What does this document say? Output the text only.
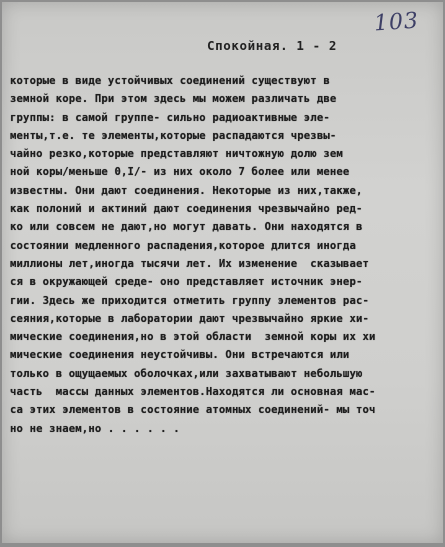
103
Спокойная. 1 - 2
которые в виде устойчивых соединений существуют в
земной коре. При этом здесь мы можем различать две
группы: в самой группе- сильно радиоактивные эле-
менты,т.е. те элементы,которые распадаются чрезвы-
чайно резко,которые представляют ничтожную долю зем
ной коры/меньше 0,I/- из них около 7 более или менее
известны. Они дают соединения. Некоторые из них,также,
как полоний и актиний дают соединения чрезвычайно ред-
ко или совсем не дают,но могут давать. Они находятся в
состоянии медленного распадения,которое длится иногда
миллионы лет,иногда тысячи лет. Их изменение  сказывает
ся в окружающей среде- оно представляет источник энер-
гии. Здесь же приходится отметить группу элементов рас-
сеяния,которые в лаборатории дают чрезвычайно яркие хи-
мические соединения,но в этой области  земной коры их хи
мические соединения неустойчивы. Они встречаются или
только в ощущаемых оболочках,или захватывают небольшую
часть  массы данных элементов.Находятся ли основная мас-
са этих элементов в состояние атомных соединений- мы точ
но не знаем,но . . . . . .
